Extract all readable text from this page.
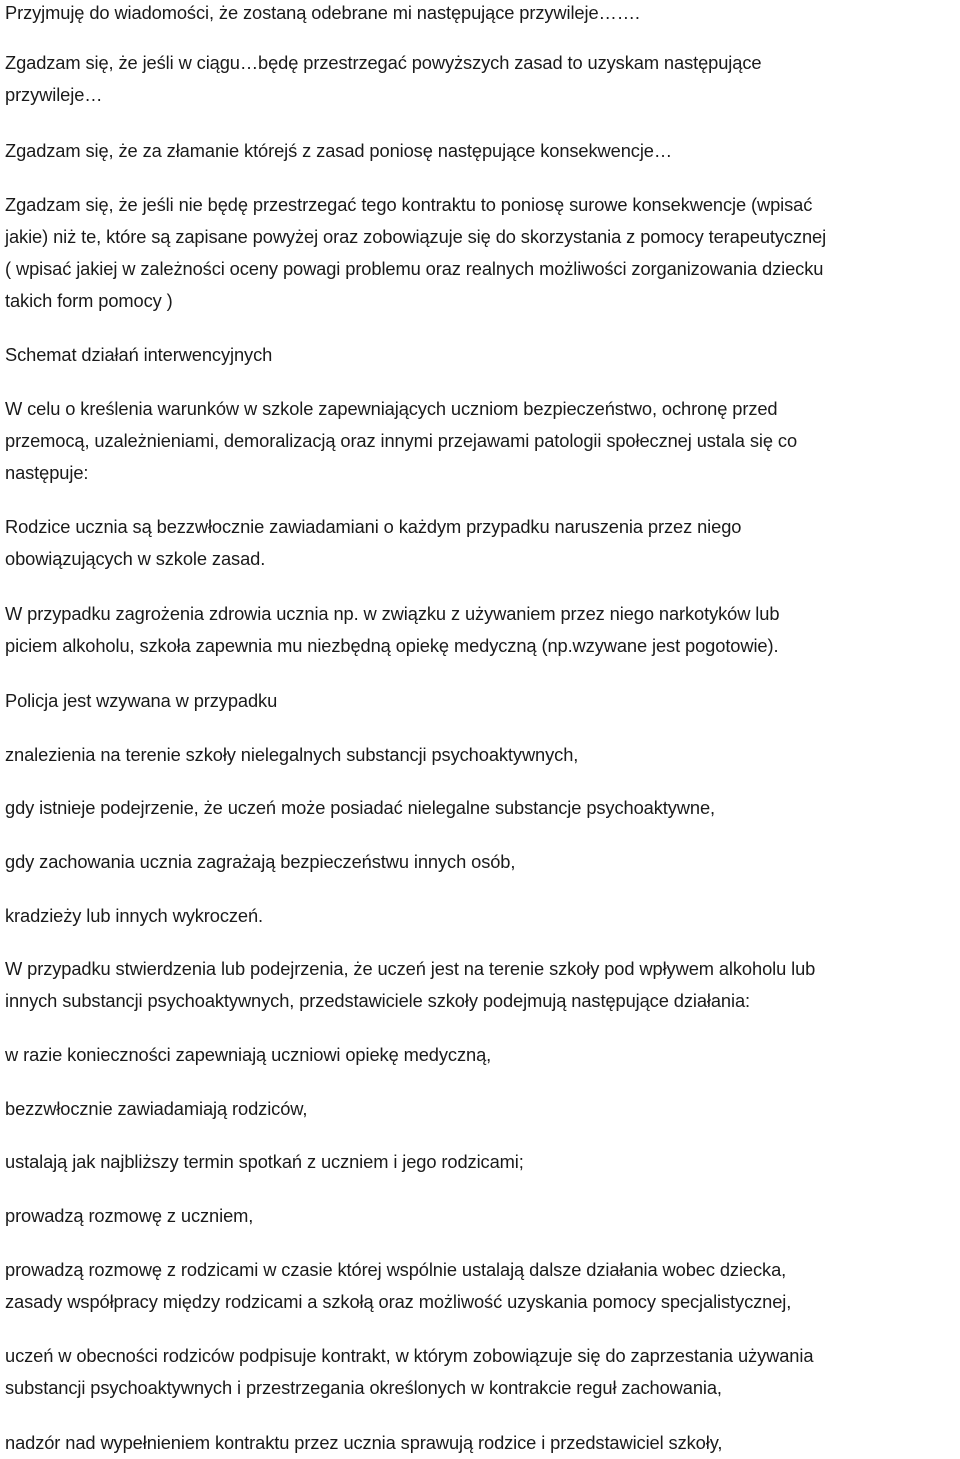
Przyjmuję do wiadomości, że zostaną odebrane mi następujące przywileje…….

Zgadzam się, że jeśli w ciągu…będę przestrzegać powyższych zasad to uzyskam następujące
przywileje…

Zgadzam się, że za złamanie którejś z zasad poniosę następujące konsekwencje…

Zgadzam się, że jeśli nie będę przestrzegać tego kontraktu to poniosę surowe konsekwencje (wpisać
jakie) niż te, które są zapisane powyżej oraz zobowiązuje się do skorzystania z pomocy terapeutycznej
( wpisać jakiej w zależności oceny powagi problemu oraz realnych możliwości zorganizowania dziecku
takich form pomocy )

Schemat działań interwencyjnych

W celu o kreślenia warunków w szkole zapewniających uczniom bezpieczeństwo, ochronę przed
przemocą, uzależnieniami, demoralizacją oraz innymi przejawami patologii społecznej ustala się co
następuje:

Rodzice ucznia są bezzwłocznie zawiadamiani o każdym przypadku naruszenia przez niego
obowiązujących w szkole zasad.

W przypadku zagrożenia zdrowia ucznia np. w związku z używaniem przez niego narkotyków lub
piciem alkoholu, szkoła zapewnia mu niezbędną opiekę medyczną (np.wzywane jest pogotowie).

Policja jest wzywana w przypadku

znalezienia na terenie szkoły nielegalnych substancji psychoaktywnych,

gdy istnieje podejrzenie, że uczeń może posiadać nielegalne substancje psychoaktywne,

gdy zachowania ucznia zagrażają bezpieczeństwu innych osób,

kradzieży lub innych wykroczeń.

W przypadku stwierdzenia lub podejrzenia, że uczeń jest na terenie szkoły pod wpływem alkoholu lub
innych substancji psychoaktywnych, przedstawiciele szkoły podejmują następujące działania:

w razie konieczności zapewniają uczniowi opiekę medyczną,

bezzwłocznie zawiadamiają rodziców,

ustalają jak najbliższy termin spotkań z uczniem i jego rodzicami;

prowadzą rozmowę z uczniem,

prowadzą rozmowę z rodzicami w czasie której wspólnie ustalają dalsze działania wobec dziecka,
zasady współpracy między rodzicami a szkołą oraz możliwość uzyskania pomocy specjalistycznej,

uczeń w obecności rodziców podpisuje kontrakt, w którym zobowiązuje się do zaprzestania używania
substancji psychoaktywnych i przestrzegania określonych w kontrakcie reguł zachowania,

nadzór nad wypełnieniem kontraktu przez ucznia sprawują rodzice i przedstawiciel szkoły,
